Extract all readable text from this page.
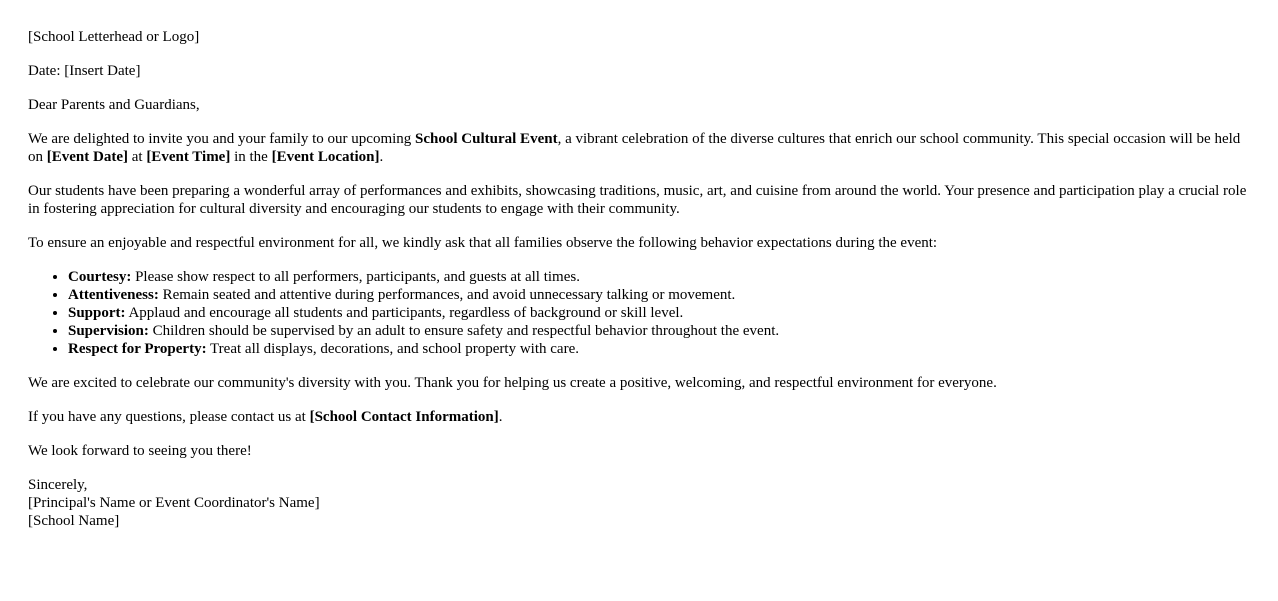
[School Letterhead or Logo]

Date: [Insert Date]

Dear Parents and Guardians,

We are delighted to invite you and your family to our upcoming School Cultural Event, a vibrant celebration of the diverse cultures that enrich our school community. This special occasion will be held on [Event Date] at [Event Time] in the [Event Location].

Our students have been preparing a wonderful array of performances and exhibits, showcasing traditions, music, art, and cuisine from around the world. Your presence and participation play a crucial role in fostering appreciation for cultural diversity and encouraging our students to engage with their community.

To ensure an enjoyable and respectful environment for all, we kindly ask that all families observe the following behavior expectations during the event:

• Courtesy: Please show respect to all performers, participants, and guests at all times.
• Attentiveness: Remain seated and attentive during performances, and avoid unnecessary talking or movement.
• Support: Applaud and encourage all students and participants, regardless of background or skill level.
• Supervision: Children should be supervised by an adult to ensure safety and respectful behavior throughout the event.
• Respect for Property: Treat all displays, decorations, and school property with care.

We are excited to celebrate our community's diversity with you. Thank you for helping us create a positive, welcoming, and respectful environment for everyone.

If you have any questions, please contact us at [School Contact Information].

We look forward to seeing you there!

Sincerely,
[Principal's Name or Event Coordinator's Name]
[School Name]
